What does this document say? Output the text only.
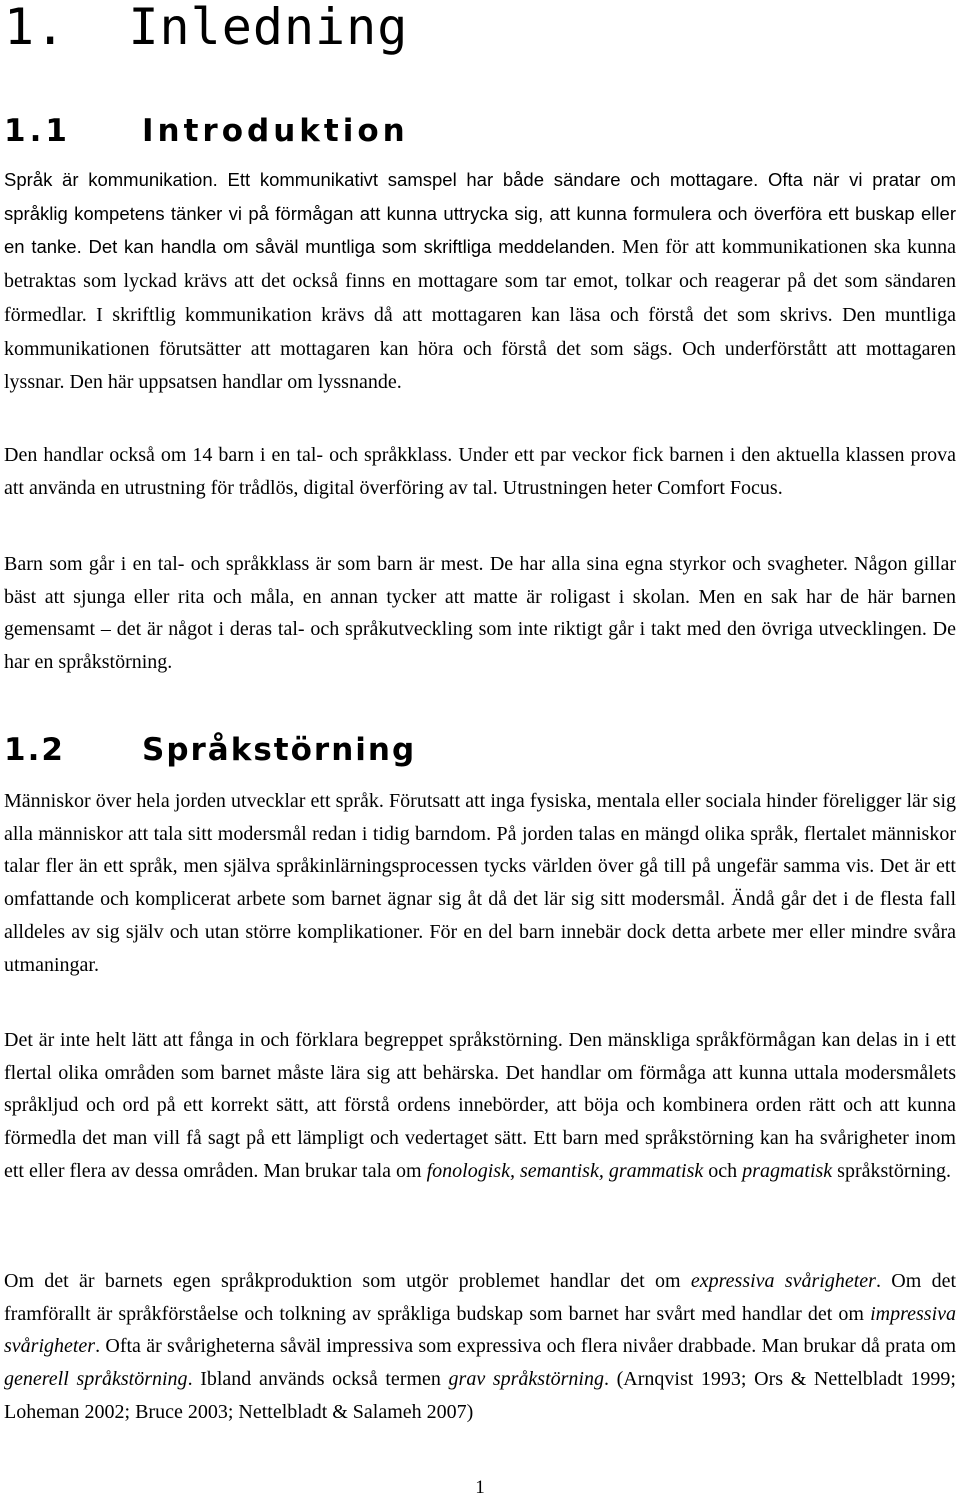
1. Inledning
1.1 Introduktion

Språk är kommunikation. Ett kommunikativt samspel har både sändare och mottagare. Ofta när vi pratar om språklig kompetens tänker vi på förmågan att kunna uttrycka sig, att kunna formulera och överföra ett buskap eller en tanke. Det kan handla om såväl muntliga som skriftliga meddelanden. Men för att kommunikationen ska kunna betraktas som lyckad krävs att det också finns en mottagare som tar emot, tolkar och reagerar på det som sändaren förmedlar. I skriftlig kommunikation krävs då att mottagaren kan läsa och förstå det som skrivs. Den muntliga kommunikationen förutsätter att mottagaren kan höra och förstå det som sägs. Och underförstått att mottagaren lyssnar. Den här uppsatsen handlar om lyssnande.

Den handlar också om 14 barn i en tal- och språkklass. Under ett par veckor fick barnen i den aktuella klassen prova att använda en utrustning för trådlös, digital överföring av tal. Utrustningen heter Comfort Focus.

Barn som går i en tal- och språkklass är som barn är mest. De har alla sina egna styrkor och svagheter. Någon gillar bäst att sjunga eller rita och måla, en annan tycker att matte är roligast i skolan. Men en sak har de här barnen gemensamt – det är något i deras tal- och språkutveckling som inte riktigt går i takt med den övriga utvecklingen. De har en språkstörning.

1.2 Språkstörning

Människor över hela jorden utvecklar ett språk. Förutsatt att inga fysiska, mentala eller sociala hinder föreligger lär sig alla människor att tala sitt modersmål redan i tidig barndom. På jorden talas en mängd olika språk, flertalet människor talar fler än ett språk, men själva språkinlärningsprocessen tycks världen över gå till på ungefär samma vis. Det är ett omfattande och komplicerat arbete som barnet ägnar sig åt då det lär sig sitt modersmål. Ändå går det i de flesta fall alldeles av sig själv och utan större komplikationer. För en del barn innebär dock detta arbete mer eller mindre svåra utmaningar.

Det är inte helt lätt att fånga in och förklara begreppet språkstörning. Den mänskliga språkförmågan kan delas in i ett flertal olika områden som barnet måste lära sig att behärska. Det handlar om förmåga att kunna uttala modersmålets språkljud och ord på ett korrekt sätt, att förstå ordens innebörder, att böja och kombinera orden rätt och att kunna förmedla det man vill få sagt på ett lämpligt och vedertaget sätt. Ett barn med språkstörning kan ha svårigheter inom ett eller flera av dessa områden. Man brukar tala om fonologisk, semantisk, grammatisk och pragmatisk språkstörning.

Om det är barnets egen språkproduktion som utgör problemet handlar det om expressiva svårigheter. Om det framförallt är språkförståelse och tolkning av språkliga budskap som barnet har svårt med handlar det om impressiva svårigheter. Ofta är svårigheterna såväl impressiva som expressiva och flera nivåer drabbade. Man brukar då prata om generell språkstörning. Ibland används också termen grav språkstörning. (Arnqvist 1993; Ors & Nettelbladt 1999; Loheman 2002; Bruce 2003; Nettelbladt & Salameh 2007)

1
